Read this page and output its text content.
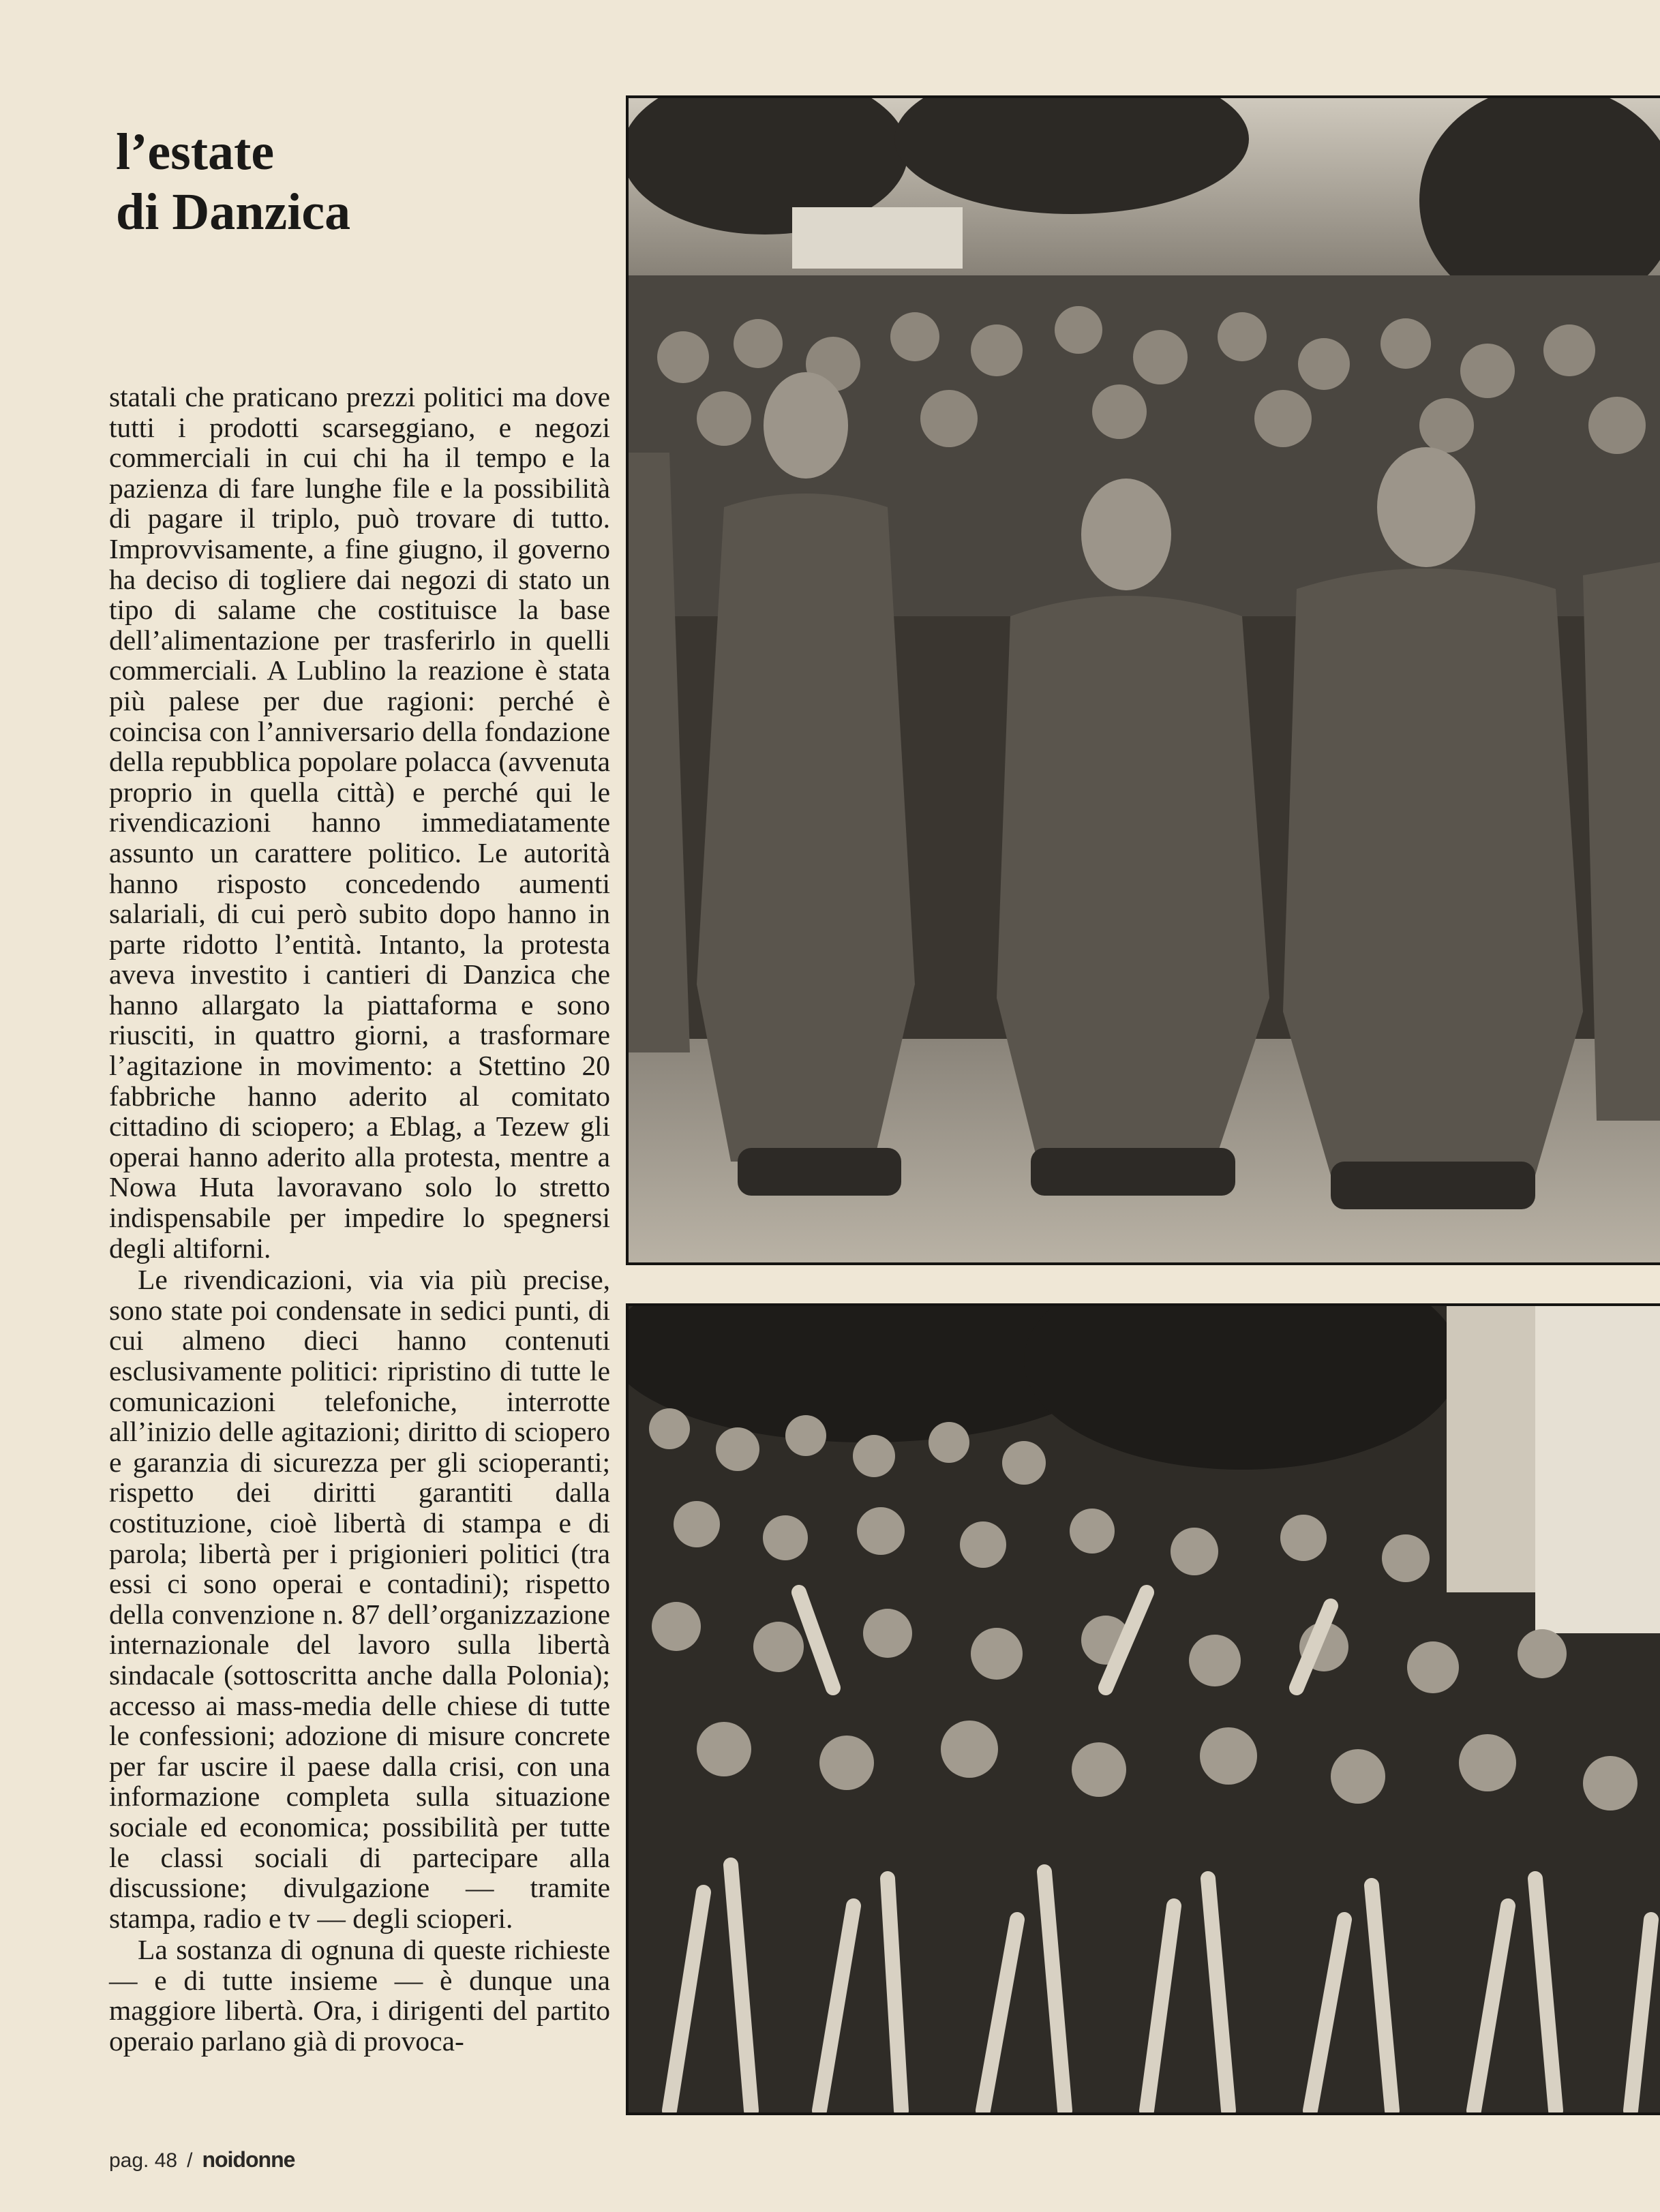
l’estate
di Danzica

statali che praticano prezzi politici ma dove tutti i prodotti scarseggiano, e negozi commerciali in cui chi ha il tempo e la pazienza di fare lunghe file e la possibilità di pagare il triplo, può trovare di tutto. Improvvisamente, a fine giugno, il governo ha deciso di togliere dai negozi di stato un tipo di salame che costituisce la base dell’alimentazione per trasferirlo in quelli commerciali. A Lublino la reazione è stata più palese per due ragioni: perché è coincisa con l’anniversario della fondazione della repubblica popolare polacca (avvenuta proprio in quella città) e perché qui le rivendicazioni hanno immediatamente assunto un carattere politico. Le autorità hanno risposto concedendo aumenti salariali, di cui però subito dopo hanno in parte ridotto l’entità. Intanto, la protesta aveva investito i cantieri di Danzica che hanno allargato la piattaforma e sono riusciti, in quattro giorni, a trasformare l’agitazione in movimento: a Stettino 20 fabbriche hanno aderito al comitato cittadino di sciopero; a Eblag, a Tezew gli operai hanno aderito alla protesta, mentre a Nowa Huta lavoravano solo lo stretto indispensabile per impedire lo spegnersi degli altiforni.

Le rivendicazioni, via via più precise, sono state poi condensate in sedici punti, di cui almeno dieci hanno contenuti esclusivamente politici: ripristino di tutte le comunicazioni telefoniche, interrotte all’inizio delle agitazioni; diritto di sciopero e garanzia di sicurezza per gli scioperanti; rispetto dei diritti garantiti dalla costituzione, cioè libertà di stampa e di parola; libertà per i prigionieri politici (tra essi ci sono operai e contadini); rispetto della convenzione n. 87 dell’organizzazione internazionale del lavoro sulla libertà sindacale (sottoscritta anche dalla Polonia); accesso ai mass-media delle chiese di tutte le confessioni; adozione di misure concrete per far uscire il paese dalla crisi, con una informazione completa sulla situazione sociale ed economica; possibilità per tutte le classi sociali di partecipare alla discussione; divulgazione — tramite stampa, radio e tv — degli scioperi.

La sostanza di ognuna di queste richieste — e di tutte insieme — è dunque una maggiore libertà. Ora, i dirigenti del partito operaio parlano già di provoca-

pag. 48 / noidonne
